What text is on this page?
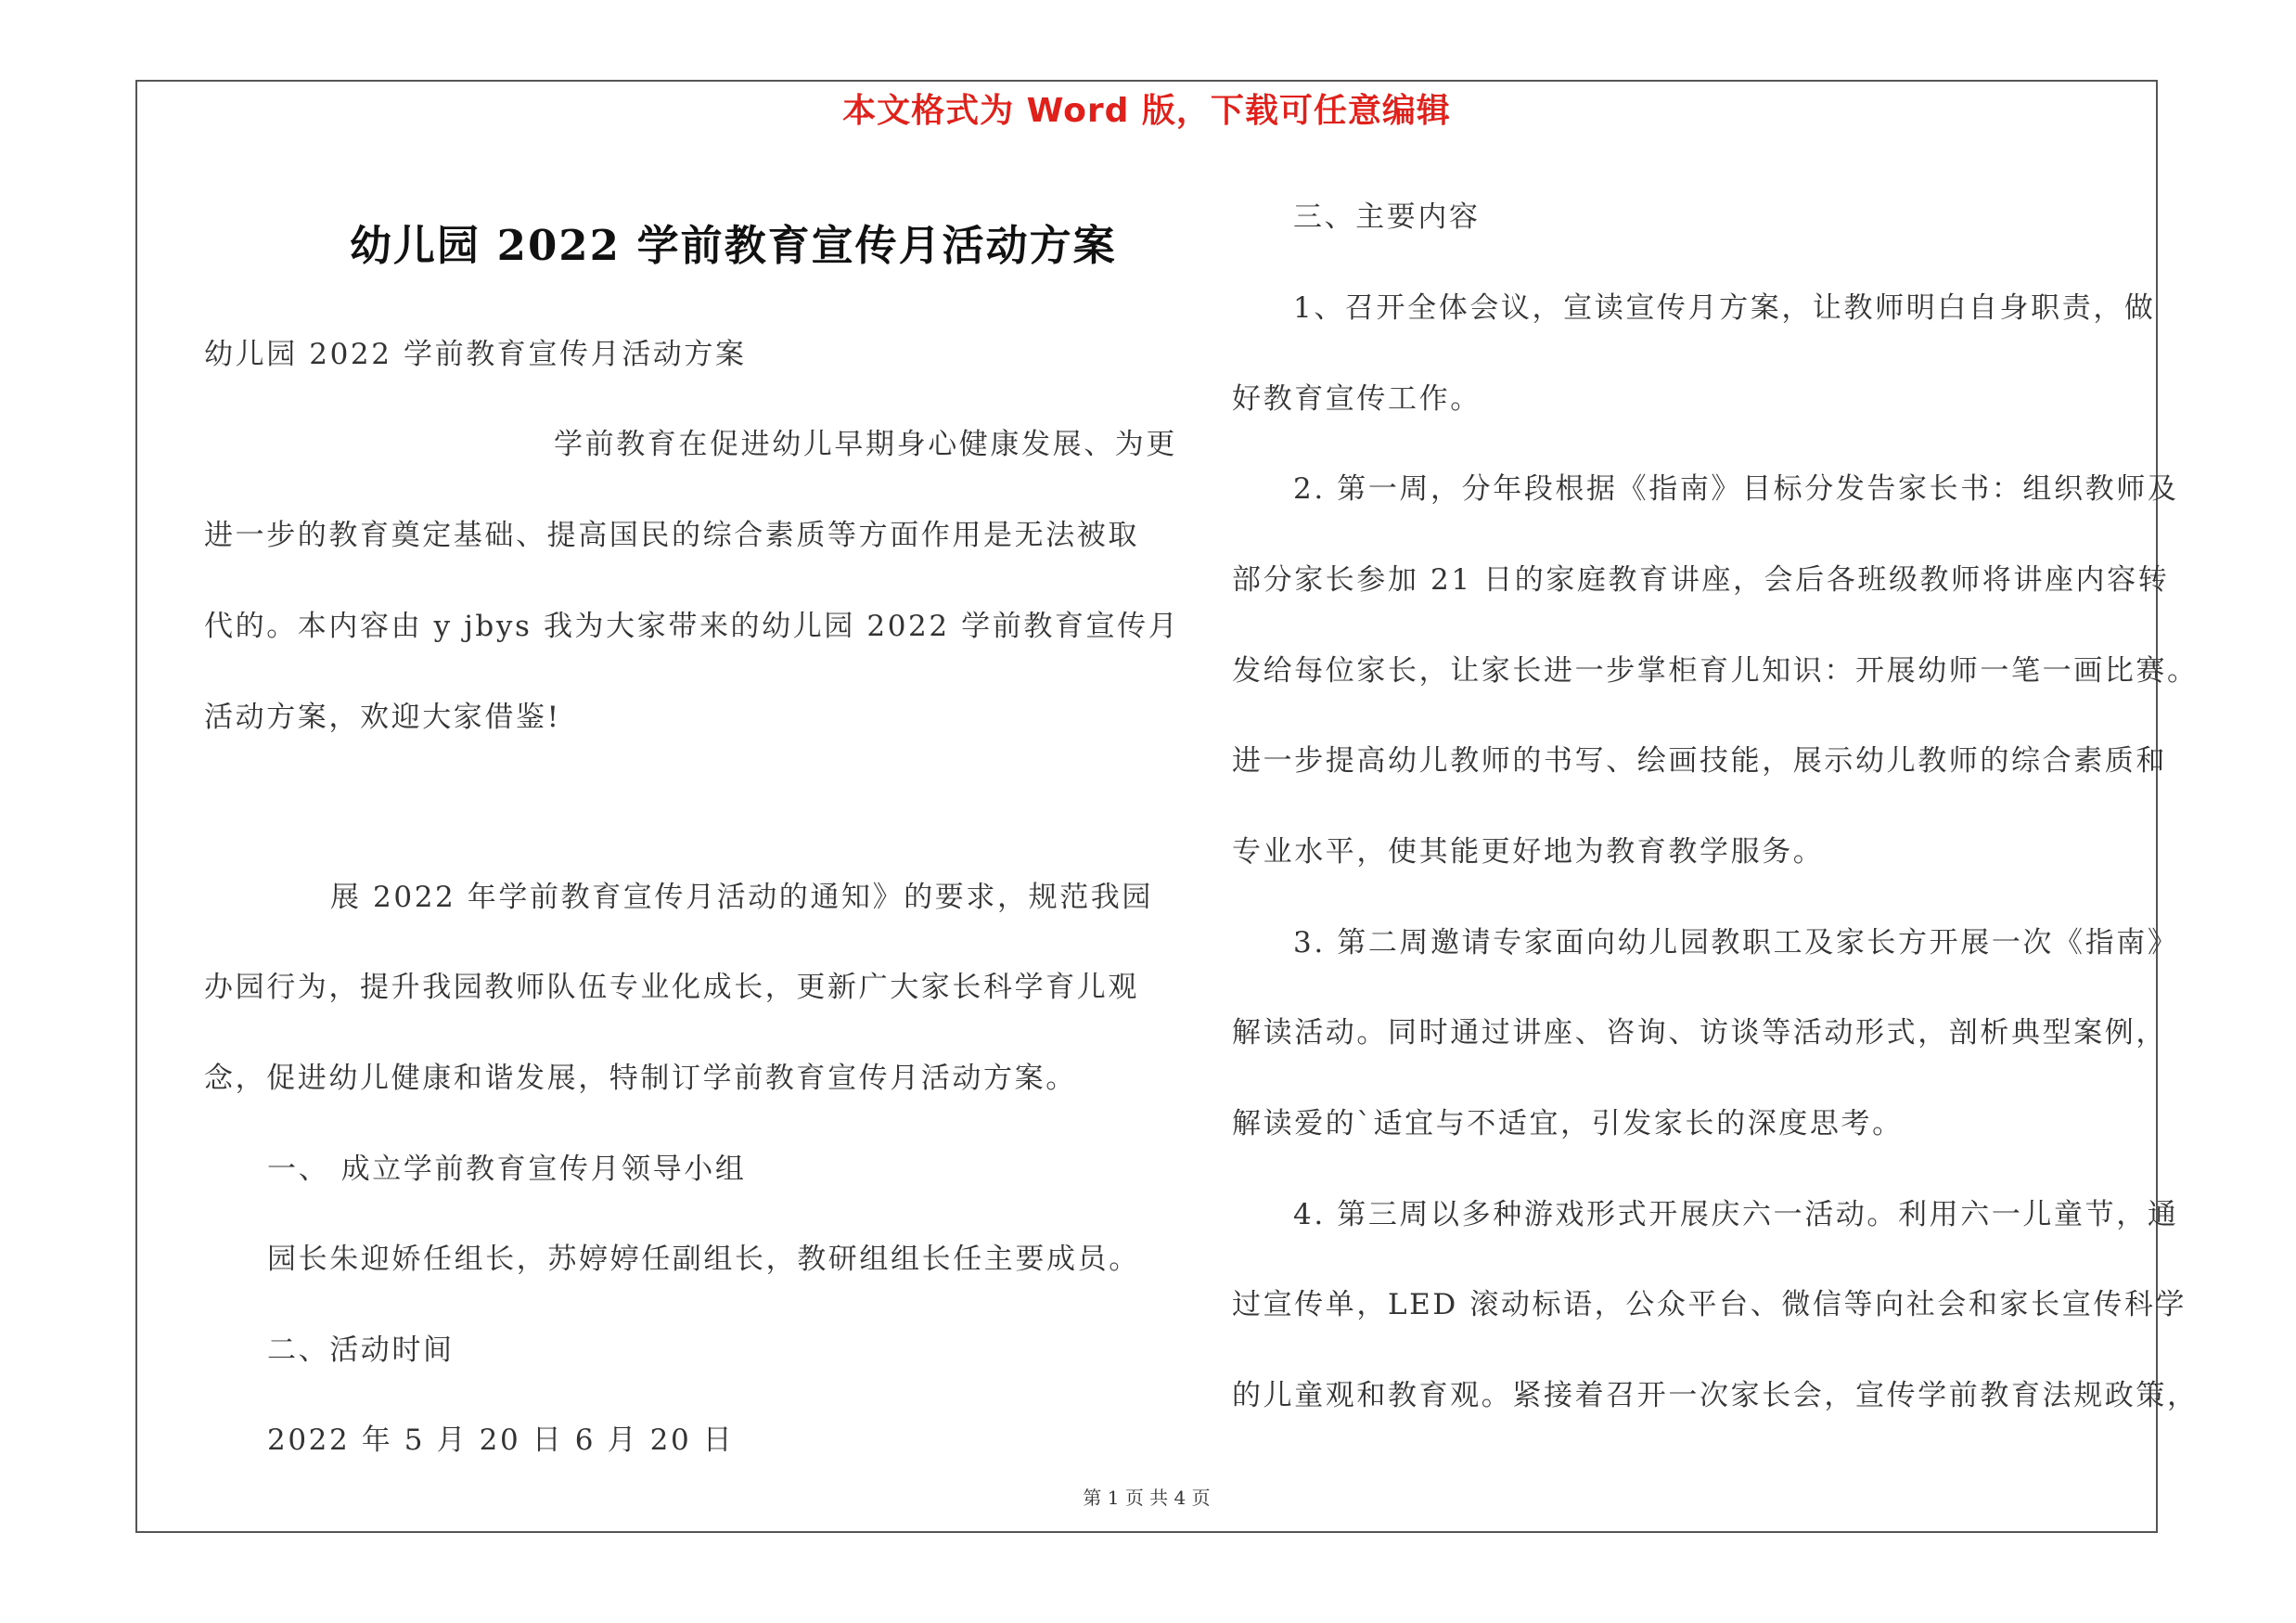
本文格式为 Word 版，下载可任意编辑
幼儿园 2022 学前教育宣传月活动方案
幼儿园 2022 学前教育宣传月活动方案
学前教育在促进幼儿早期身心健康发展、为更
进一步的教育奠定基础、提高国民的综合素质等方面作用是无法被取
代的。本内容由 y jbys 我为大家带来的幼儿园 2022 学前教育宣传月
活动方案，欢迎大家借鉴!
展 2022 年学前教育宣传月活动的通知》的要求，规范我园
办园行为，提升我园教师队伍专业化成长，更新广大家长科学育儿观
念，促进幼儿健康和谐发展，特制订学前教育宣传月活动方案。
一、 成立学前教育宣传月领导小组
园长朱迎娇任组长，苏婷婷任副组长，教研组组长任主要成员。
二、活动时间
2022 年 5 月 20 日 6 月 20 日
三、主要内容
1、召开全体会议，宣读宣传月方案，让教师明白自身职责，做
好教育宣传工作。
2. 第一周，分年段根据《指南》目标分发告家长书：组织教师及
部分家长参加 21 日的家庭教育讲座，会后各班级教师将讲座内容转
发给每位家长，让家长进一步掌柜育儿知识：开展幼师一笔一画比赛。
进一步提高幼儿教师的书写、绘画技能，展示幼儿教师的综合素质和
专业水平，使其能更好地为教育教学服务。
3. 第二周邀请专家面向幼儿园教职工及家长方开展一次《指南》
解读活动。同时通过讲座、咨询、访谈等活动形式，剖析典型案例，
解读爱的`适宜与不适宜，引发家长的深度思考。
4. 第三周以多种游戏形式开展庆六一活动。利用六一儿童节，通
过宣传单，LED 滚动标语，公众平台、微信等向社会和家长宣传科学
的儿童观和教育观。紧接着召开一次家长会，宣传学前教育法规政策，
第 1 页 共 4 页
